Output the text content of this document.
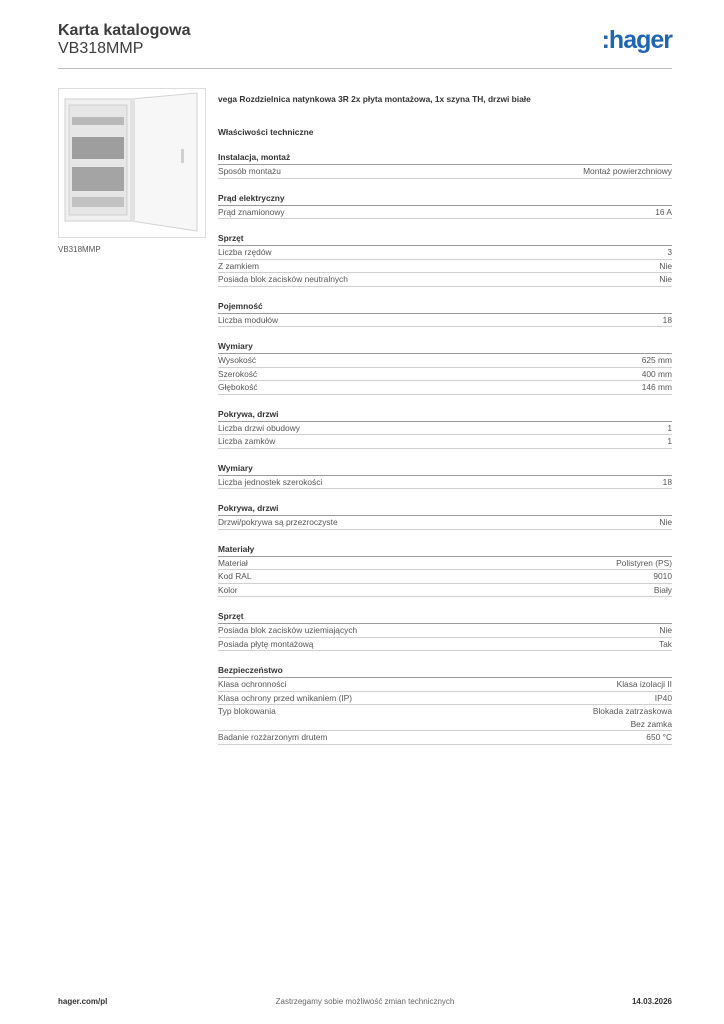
Karta katalogowa
VB318MMP	:hager
VB318MMP
vega Rozdzielnica natynkowa 3R 2x płyta montażowa, 1x szyna TH, drzwi białe
Właściwości techniczne
Instalacja, montaż
Sposób montażu	Montaż powierzchniowy
Prąd elektryczny
Prąd znamionowy	16 A
Sprzęt
Liczba rzędów	3
Z zamkiem	Nie
Posiada blok zacisków neutralnych	Nie
Pojemność
Liczba modułów	18
Wymiary
Wysokość	625 mm
Szerokość	400 mm
Głębokość	146 mm
Pokrywa, drzwi
Liczba drzwi obudowy	1
Liczba zamków	1
Wymiary
Liczba jednostek szerokości	18
Pokrywa, drzwi
Drzwi/pokrywa są przezroczyste	Nie
Materiały
Materiał	Polistyren (PS)
Kod RAL	9010
Kolor	Biały
Sprzęt
Posiada blok zacisków uziemiających	Nie
Posiada płytę montażową	Tak
Bezpieczeństwo
Klasa ochronności	Klasa izolacji II
Klasa ochrony przed wnikaniem (IP)	IP40
Typ blokowania	Blokada zatrzaskowa
Bez zamka
Badanie rozżarzonym drutem	650 °C
hager.com/pl	Zastrzegamy sobie możliwość zmian technicznych	14.03.2026
